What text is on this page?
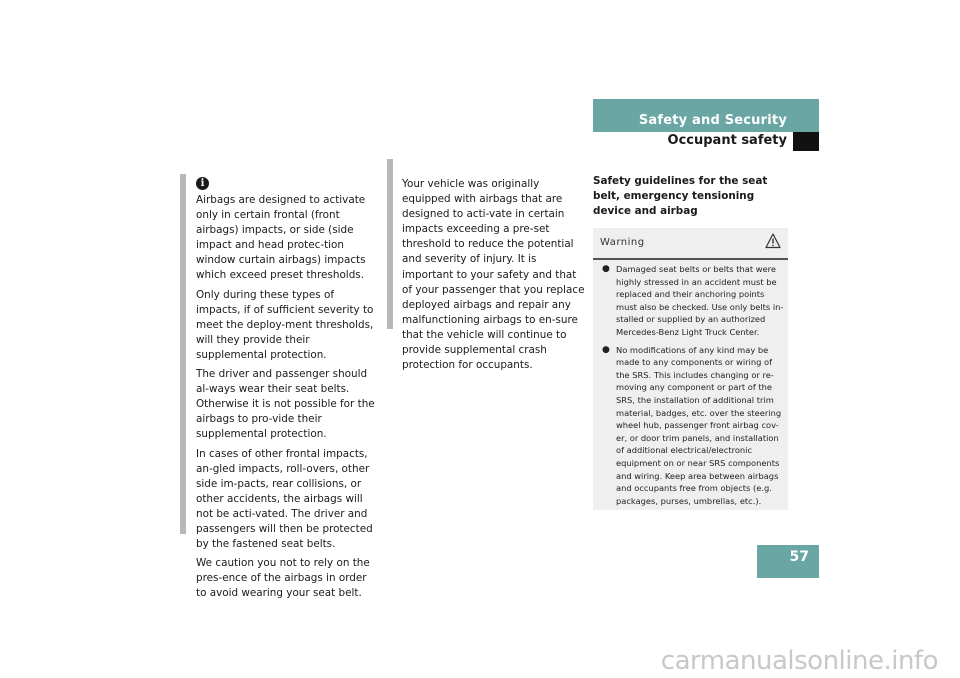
Safety and Security
Occupant safety
i

Airbags are designed to activate only in certain frontal (front airbags) impacts, or side (side impact and head protec-tion window curtain airbags) impacts which exceed preset thresholds.

Only during these types of impacts, if of sufficient severity to meet the deploy-ment thresholds, will they provide their supplemental protection.

The driver and passenger should al-ways wear their seat belts. Otherwise it is not possible for the airbags to pro-vide their supplemental protection.

In cases of other frontal impacts, an-gled impacts, roll-overs, other side im-pacts, rear collisions, or other accidents, the airbags will not be acti-vated. The driver and passengers will then be protected by the fastened seat belts.

We caution you not to rely on the pres-ence of the airbags in order to avoid wearing your seat belt.

Your vehicle was originally equipped with airbags that are designed to acti-vate in certain impacts exceeding a pre-set threshold to reduce the potential and severity of injury. It is important to your safety and that of your passenger that you replace deployed airbags and repair any malfunctioning airbags to en-sure that the vehicle will continue to provide supplemental crash protection for occupants.

Safety guidelines for the seat belt, emergency tensioning device and airbag

Warning
● Damaged seat belts or belts that were highly stressed in an accident must be replaced and their anchoring points must also be checked. Use only belts in-stalled or supplied by an authorized Mercedes-Benz Light Truck Center.
● No modifications of any kind may be made to any components or wiring of the SRS. This includes changing or re-moving any component or part of the SRS, the installation of additional trim material, badges, etc. over the steering wheel hub, passenger front airbag cov-er, or door trim panels, and installation of additional electrical/electronic equipment on or near SRS components and wiring. Keep area between airbags and occupants free from objects (e.g. packages, purses, umbrellas, etc.).
57
carmanualsonline.info
